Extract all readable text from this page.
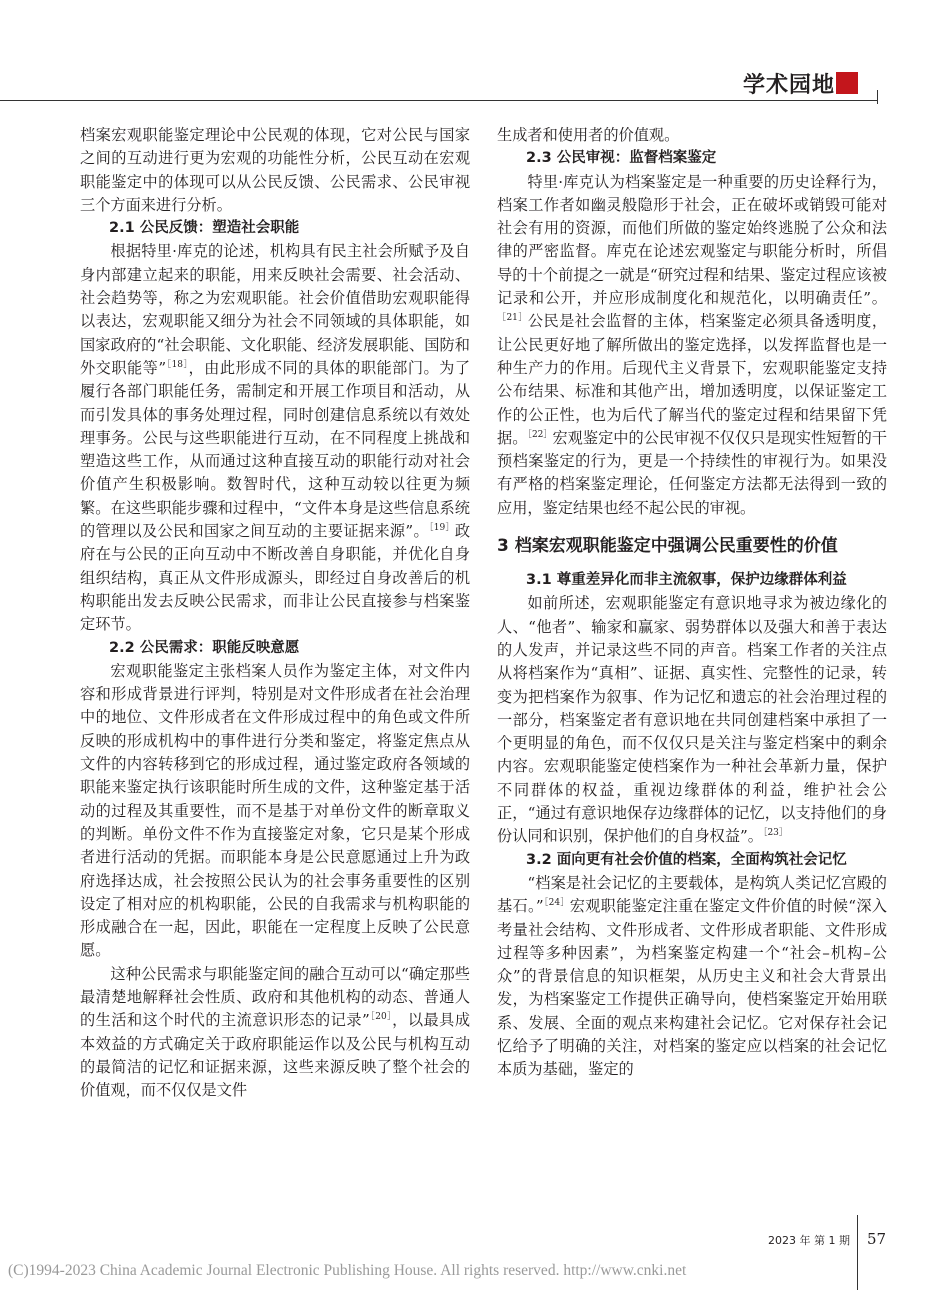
学术园地

档案宏观职能鉴定理论中公民观的体现，它对公民与国家之间的互动进行更为宏观的功能性分析，公民互动在宏观职能鉴定中的体现可以从公民反馈、公民需求、公民审视三个方面来进行分析。

2.1 公民反馈：塑造社会职能

根据特里·库克的论述，机构具有民主社会所赋予及自身内部建立起来的职能，用来反映社会需要、社会活动、社会趋势等，称之为宏观职能。社会价值借助宏观职能得以表达，宏观职能又细分为社会不同领域的具体职能，如国家政府的“社会职能、文化职能、经济发展职能、国防和外交职能等”$^{[18]}$，由此形成不同的具体的职能部门。为了履行各部门职能任务，需制定和开展工作项目和活动，从而引发具体的事务处理过程，同时创建信息系统以有效处理事务。公民与这些职能进行互动，在不同程度上挑战和塑造这些工作，从而通过这种直接互动的职能行动对社会价值产生积极影响。数智时代，这种互动较以往更为频繁。在这些职能步骤和过程中，“文件本身是这些信息系统的管理以及公民和国家之间互动的主要证据来源”。$^{[19]}$政府在与公民的正向互动中不断改善自身职能，并优化自身组织结构，真正从文件形成源头，即经过自身改善后的机构职能出发去反映公民需求，而非让公民直接参与档案鉴定环节。

2.2 公民需求：职能反映意愿

宏观职能鉴定主张档案人员作为鉴定主体，对文件内容和形成背景进行评判，特别是对文件形成者在社会治理中的地位、文件形成者在文件形成过程中的角色或文件所反映的形成机构中的事件进行分类和鉴定，将鉴定焦点从文件的内容转移到它的形成过程，通过鉴定政府各领域的职能来鉴定执行该职能时所生成的文件，这种鉴定基于活动的过程及其重要性，而不是基于对单份文件的断章取义的判断。单份文件不作为直接鉴定对象，它只是某个形成者进行活动的凭据。而职能本身是公民意愿通过上升为政府选择达成，社会按照公民认为的社会事务重要性的区别设定了相对应的机构职能，公民的自我需求与机构职能的形成融合在一起，因此，职能在一定程度上反映了公民意愿。

这种公民需求与职能鉴定间的融合互动可以“确定那些最清楚地解释社会性质、政府和其他机构的动态、普通人的生活和这个时代的主流意识形态的记录”$^{[20]}$，以最具成本效益的方式确定关于政府职能运作以及公民与机构互动的最简洁的记忆和证据来源，这些来源反映了整个社会的价值观，而不仅仅是文件

生成者和使用者的价值观。

2.3 公民审视：监督档案鉴定

特里·库克认为档案鉴定是一种重要的历史诠释行为，档案工作者如幽灵般隐形于社会，正在破坏或销毁可能对社会有用的资源，而他们所做的鉴定始终逃脱了公众和法律的严密监督。库克在论述宏观鉴定与职能分析时，所倡导的十个前提之一就是“研究过程和结果、鉴定过程应该被记录和公开，并应形成制度化和规范化，以明确责任”。$^{[21]}$公民是社会监督的主体，档案鉴定必须具备透明度，让公民更好地了解所做出的鉴定选择，以发挥监督也是一种生产力的作用。后现代主义背景下，宏观职能鉴定支持公布结果、标准和其他产出，增加透明度，以保证鉴定工作的公正性，也为后代了解当代的鉴定过程和结果留下凭据。$^{[22]}$宏观鉴定中的公民审视不仅仅只是现实性短暂的干预档案鉴定的行为，更是一个持续性的审视行为。如果没有严格的档案鉴定理论，任何鉴定方法都无法得到一致的应用，鉴定结果也经不起公民的审视。

3 档案宏观职能鉴定中强调公民重要性的价值

3.1 尊重差异化而非主流叙事，保护边缘群体利益

如前所述，宏观职能鉴定有意识地寻求为被边缘化的人、“他者”、输家和赢家、弱势群体以及强大和善于表达的人发声，并记录这些不同的声音。档案工作者的关注点从将档案作为“真相”、证据、真实性、完整性的记录，转变为把档案作为叙事、作为记忆和遗忘的社会治理过程的一部分，档案鉴定者有意识地在共同创建档案中承担了一个更明显的角色，而不仅仅只是关注与鉴定档案中的剩余内容。宏观职能鉴定使档案作为一种社会革新力量，保护不同群体的权益，重视边缘群体的利益，维护社会公正，“通过有意识地保存边缘群体的记忆，以支持他们的身份认同和识别，保护他们的自身权益”。$^{[23]}$

3.2 面向更有社会价值的档案，全面构筑社会记忆

“档案是社会记忆的主要载体，是构筑人类记忆宫殿的基石。”$^{[24]}$宏观职能鉴定注重在鉴定文件价值的时候“深入考量社会结构、文件形成者、文件形成者职能、文件形成过程等多种因素”，为档案鉴定构建一个“社会–机构–公众”的背景信息的知识框架，从历史主义和社会大背景出发，为档案鉴定工作提供正确导向，使档案鉴定开始用联系、发展、全面的观点来构建社会记忆。它对保存社会记忆给予了明确的关注，对档案的鉴定应以档案的社会记忆本质为基础，鉴定的

2023 年 第 1 期 57
(C)1994-2023 China Academic Journal Electronic Publishing House. All rights reserved. http://www.cnki.net
